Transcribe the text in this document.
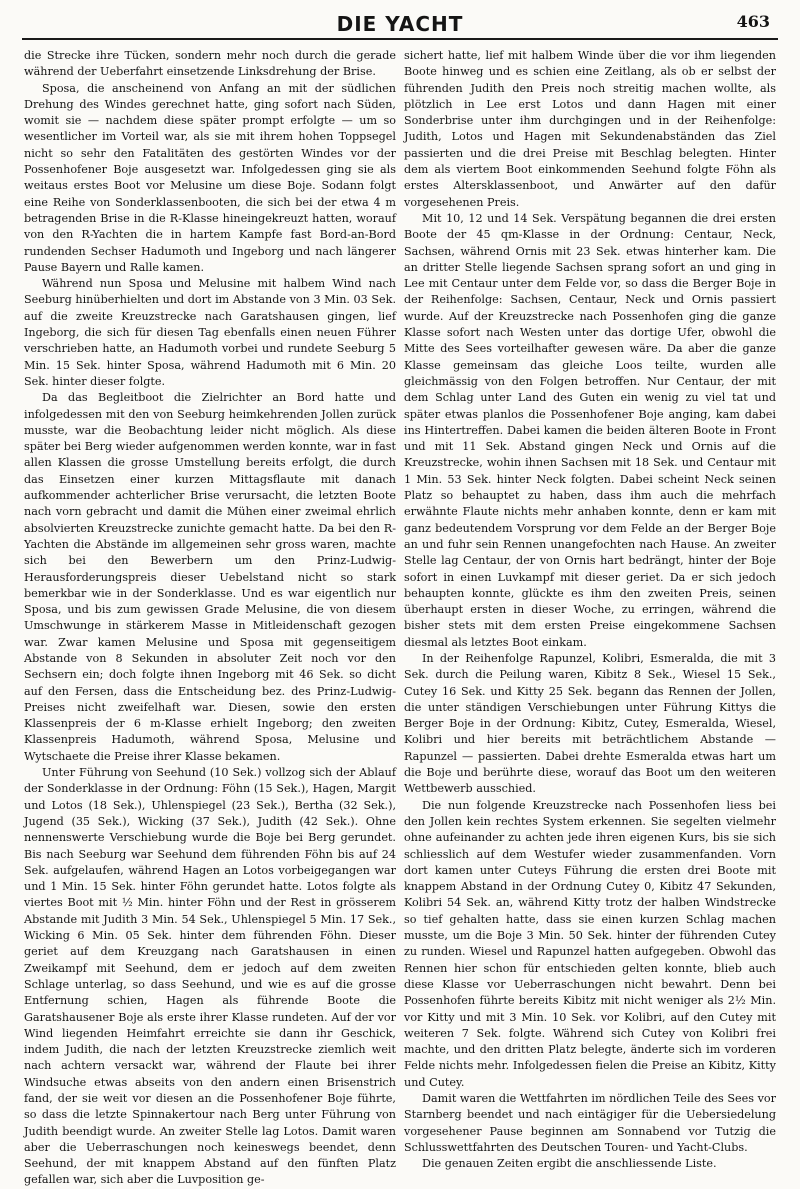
DIE YACHT	463

die Strecke ihre Tücken, sondern mehr noch durch die gerade während der Ueberfahrt einsetzende Linksdrehung der Brise.

Sposa, die anscheinend von Anfang an mit der südlichen Drehung des Windes gerechnet hatte, ging sofort nach Süden, womit sie — nachdem diese später prompt erfolgte — um so wesentlicher im Vorteil war, als sie mit ihrem hohen Toppsegel nicht so sehr den Fatalitäten des gestörten Windes vor der Possenhofener Boje ausgesetzt war. Infolgedessen ging sie als weitaus erstes Boot vor Melusine um diese Boje. Sodann folgt eine Reihe von Sonderklassenbooten, die sich bei der etwa 4 m betragenden Brise in die R-Klasse hineingekreuzt hatten, worauf von den R-Yachten die in hartem Kampfe fast Bord-an-Bord rundenden Sechser Hadumoth und Ingeborg und nach längerer Pause Bayern und Ralle kamen.

Während nun Sposa und Melusine mit halbem Wind nach Seeburg hinüberhielten und dort im Abstande von 3 Min. 03 Sek. auf die zweite Kreuzstrecke nach Garatshausen gingen, lief Ingeborg, die sich für diesen Tag ebenfalls einen neuen Führer verschrieben hatte, an Hadumoth vorbei und rundete Seeburg 5 Min. 15 Sek. hinter Sposa, während Hadumoth mit 6 Min. 20 Sek. hinter dieser folgte.

Da das Begleitboot die Zielrichter an Bord hatte und infolgedessen mit den von Seeburg heimkehrenden Jollen zurück musste, war die Beobachtung leider nicht möglich. Als diese später bei Berg wieder aufgenommen werden konnte, war in fast allen Klassen die grosse Umstellung bereits erfolgt, die durch das Einsetzen einer kurzen Mittagsflaute mit danach aufkommender achterlicher Brise verursacht, die letzten Boote nach vorn gebracht und damit die Mühen einer zweimal ehrlich absolvierten Kreuzstrecke zunichte gemacht hatte. Da bei den R-Yachten die Abstände im allgemeinen sehr gross waren, machte sich bei den Bewerbern um den Prinz-Ludwig-Herausforderungspreis dieser Uebelstand nicht so stark bemerkbar wie in der Sonderklasse. Und es war eigentlich nur Sposa, und bis zum gewissen Grade Melusine, die von diesem Umschwunge in stärkerem Masse in Mitleidenschaft gezogen war. Zwar kamen Melusine und Sposa mit gegenseitigem Abstande von 8 Sekunden in absoluter Zeit noch vor den Sechsern ein; doch folgte ihnen Ingeborg mit 46 Sek. so dicht auf den Fersen, dass die Entscheidung bez. des Prinz-Ludwig-Preises nicht zweifelhaft war. Diesen, sowie den ersten Klassenpreis der 6 m-Klasse erhielt Ingeborg; den zweiten Klassenpreis Hadumoth, während Sposa, Melusine und Wytschaete die Preise ihrer Klasse bekamen.

Unter Führung von Seehund (10 Sek.) vollzog sich der Ablauf der Sonderklasse in der Ordnung: Föhn (15 Sek.), Hagen, Margit und Lotos (18 Sek.), Uhlenspiegel (23 Sek.), Bertha (32 Sek.), Jugend (35 Sek.), Wicking (37 Sek.), Judith (42 Sek.). Ohne nennenswerte Verschiebung wurde die Boje bei Berg gerundet. Bis nach Seeburg war Seehund dem führenden Föhn bis auf 24 Sek. aufgelaufen, während Hagen an Lotos vorbeigegangen war und 1 Min. 15 Sek. hinter Föhn gerundet hatte. Lotos folgte als viertes Boot mit ½ Min. hinter Föhn und der Rest in grösserem Abstande mit Judith 3 Min. 54 Sek., Uhlenspiegel 5 Min. 17 Sek., Wicking 6 Min. 05 Sek. hinter dem führenden Föhn. Dieser geriet auf dem Kreuzgang nach Garatshausen in einen Zweikampf mit Seehund, dem er jedoch auf dem zweiten Schlage unterlag, so dass Seehund, und wie es auf die grosse Entfernung schien, Hagen als führende Boote die Garatshausener Boje als erste ihrer Klasse rundeten. Auf der vor Wind liegenden Heimfahrt erreichte sie dann ihr Geschick, indem Judith, die nach der letzten Kreuzstrecke ziemlich weit nach achtern versackt war, während der Flaute bei ihrer Windsuche etwas abseits von den andern einen Brisenstrich fand, der sie weit vor diesen an die Possenhofener Boje führte, so dass die letzte Spinnakertour nach Berg unter Führung von Judith beendigt wurde. An zweiter Stelle lag Lotos. Damit waren aber die Ueberraschungen noch keineswegs beendet, denn Seehund, der mit knappem Abstand auf den fünften Platz gefallen war, sich aber die Luvposition ge-

sichert hatte, lief mit halbem Winde über die vor ihm liegenden Boote hinweg und es schien eine Zeitlang, als ob er selbst der führenden Judith den Preis noch streitig machen wollte, als plötzlich in Lee erst Lotos und dann Hagen mit einer Sonderbrise unter ihm durchgingen und in der Reihenfolge: Judith, Lotos und Hagen mit Sekundenabständen das Ziel passierten und die drei Preise mit Beschlag belegten. Hinter dem als viertem Boot einkommenden Seehund folgte Föhn als erstes Altersklassenboot, und Anwärter auf den dafür vorgesehenen Preis.

Mit 10, 12 und 14 Sek. Verspätung begannen die drei ersten Boote der 45 qm-Klasse in der Ordnung: Centaur, Neck, Sachsen, während Ornis mit 23 Sek. etwas hinterher kam. Die an dritter Stelle liegende Sachsen sprang sofort an und ging in Lee mit Centaur unter dem Felde vor, so dass die Berger Boje in der Reihenfolge: Sachsen, Centaur, Neck und Ornis passiert wurde. Auf der Kreuzstrecke nach Possenhofen ging die ganze Klasse sofort nach Westen unter das dortige Ufer, obwohl die Mitte des Sees vorteilhafter gewesen wäre. Da aber die ganze Klasse gemeinsam das gleiche Loos teilte, wurden alle gleichmässig von den Folgen betroffen. Nur Centaur, der mit dem Schlag unter Land des Guten ein wenig zu viel tat und später etwas planlos die Possenhofener Boje anging, kam dabei ins Hintertreffen. Dabei kamen die beiden älteren Boote in Front und mit 11 Sek. Abstand gingen Neck und Ornis auf die Kreuzstrecke, wohin ihnen Sachsen mit 18 Sek. und Centaur mit 1 Min. 53 Sek. hinter Neck folgten. Dabei scheint Neck seinen Platz so behauptet zu haben, dass ihm auch die mehrfach erwähnte Flaute nichts mehr anhaben konnte, denn er kam mit ganz bedeutendem Vorsprung vor dem Felde an der Berger Boje an und fuhr sein Rennen unangefochten nach Hause. An zweiter Stelle lag Centaur, der von Ornis hart bedrängt, hinter der Boje sofort in einen Luvkampf mit dieser geriet. Da er sich jedoch behaupten konnte, glückte es ihm den zweiten Preis, seinen überhaupt ersten in dieser Woche, zu erringen, während die bisher stets mit dem ersten Preise eingekommene Sachsen diesmal als letztes Boot einkam.

In der Reihenfolge Rapunzel, Kolibri, Esmeralda, die mit 3 Sek. durch die Peilung waren, Kibitz 8 Sek., Wiesel 15 Sek., Cutey 16 Sek. und Kitty 25 Sek. begann das Rennen der Jollen, die unter ständigen Verschiebungen unter Führung Kittys die Berger Boje in der Ordnung: Kibitz, Cutey, Esmeralda, Wiesel, Kolibri und hier bereits mit beträchtlichem Abstande — Rapunzel — passierten. Dabei drehte Esmeralda etwas hart um die Boje und berührte diese, worauf das Boot um den weiteren Wettbewerb ausschied.

Die nun folgende Kreuzstrecke nach Possenhofen liess bei den Jollen kein rechtes System erkennen. Sie segelten vielmehr ohne aufeinander zu achten jede ihren eigenen Kurs, bis sie sich schliesslich auf dem Westufer wieder zusammenfanden. Vorn dort kamen unter Cuteys Führung die ersten drei Boote mit knappem Abstand in der Ordnung Cutey 0, Kibitz 47 Sekunden, Kolibri 54 Sek. an, während Kitty trotz der halben Windstrecke so tief gehalten hatte, dass sie einen kurzen Schlag machen musste, um die Boje 3 Min. 50 Sek. hinter der führenden Cutey zu runden. Wiesel und Rapunzel hatten aufgegeben. Obwohl das Rennen hier schon für entschieden gelten konnte, blieb auch diese Klasse vor Ueberraschungen nicht bewahrt. Denn bei Possenhofen führte bereits Kibitz mit nicht weniger als 2½ Min. vor Kitty und mit 3 Min. 10 Sek. vor Kolibri, auf den Cutey mit weiteren 7 Sek. folgte. Während sich Cutey von Kolibri frei machte, und den dritten Platz belegte, änderte sich im vorderen Felde nichts mehr. Infolgedessen fielen die Preise an Kibitz, Kitty und Cutey.

Damit waren die Wettfahrten im nördlichen Teile des Sees vor Starnberg beendet und nach eintägiger für die Uebersiedelung vorgesehener Pause beginnen am Sonnabend vor Tutzig die Schlusswettfahrten des Deutschen Touren- und Yacht-Clubs.

Die genauen Zeiten ergibt die anschliessende Liste.
